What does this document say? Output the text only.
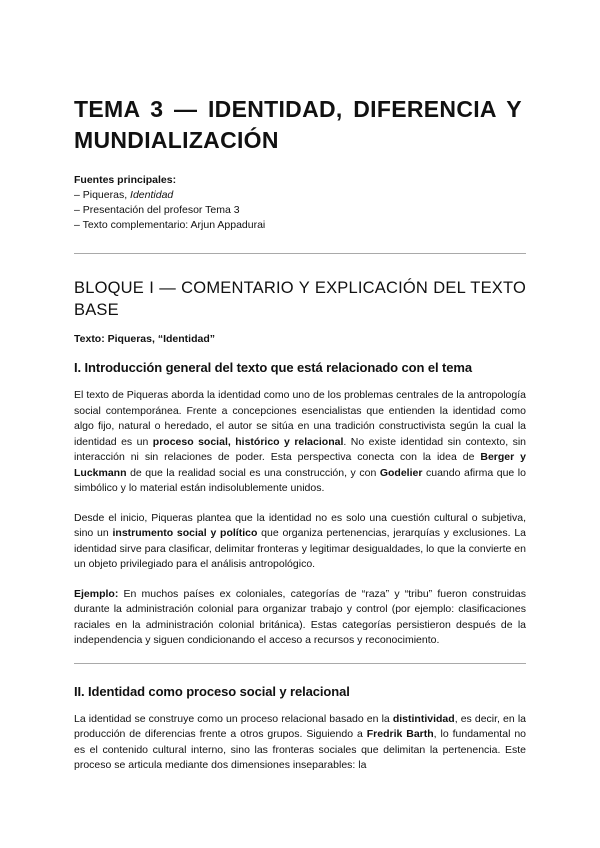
TEMA 3 — IDENTIDAD, DIFERENCIA Y MUNDIALIZACIÓN
Fuentes principales:
– Piqueras, Identidad
– Presentación del profesor Tema 3
– Texto complementario: Arjun Appadurai
BLOQUE I — COMENTARIO Y EXPLICACIÓN DEL TEXTO BASE
Texto: Piqueras, “Identidad”
I. Introducción general del texto que está relacionado con el tema

El texto de Piqueras aborda la identidad como uno de los problemas centrales de la antropología social contemporánea. Frente a concepciones esencialistas que entienden la identidad como algo fijo, natural o heredado, el autor se sitúa en una tradición constructivista según la cual la identidad es un proceso social, histórico y relacional. No existe identidad sin contexto, sin interacción ni sin relaciones de poder. Esta perspectiva conecta con la idea de Berger y Luckmann de que la realidad social es una construcción, y con Godelier cuando afirma que lo simbólico y lo material están indisolublemente unidos.

Desde el inicio, Piqueras plantea que la identidad no es solo una cuestión cultural o subjetiva, sino un instrumento social y político que organiza pertenencias, jerarquías y exclusiones. La identidad sirve para clasificar, delimitar fronteras y legitimar desigualdades, lo que la convierte en un objeto privilegiado para el análisis antropológico.

Ejemplo: En muchos países ex coloniales, categorías de “raza” y “tribu” fueron construidas durante la administración colonial para organizar trabajo y control (por ejemplo: clasificaciones raciales en la administración colonial británica). Estas categorías persistieron después de la independencia y siguen condicionando el acceso a recursos y reconocimiento.

II. Identidad como proceso social y relacional

La identidad se construye como un proceso relacional basado en la distintividad, es decir, en la producción de diferencias frente a otros grupos. Siguiendo a Fredrik Barth, lo fundamental no es el contenido cultural interno, sino las fronteras sociales que delimitan la pertenencia. Este proceso se articula mediante dos dimensiones inseparables: la
